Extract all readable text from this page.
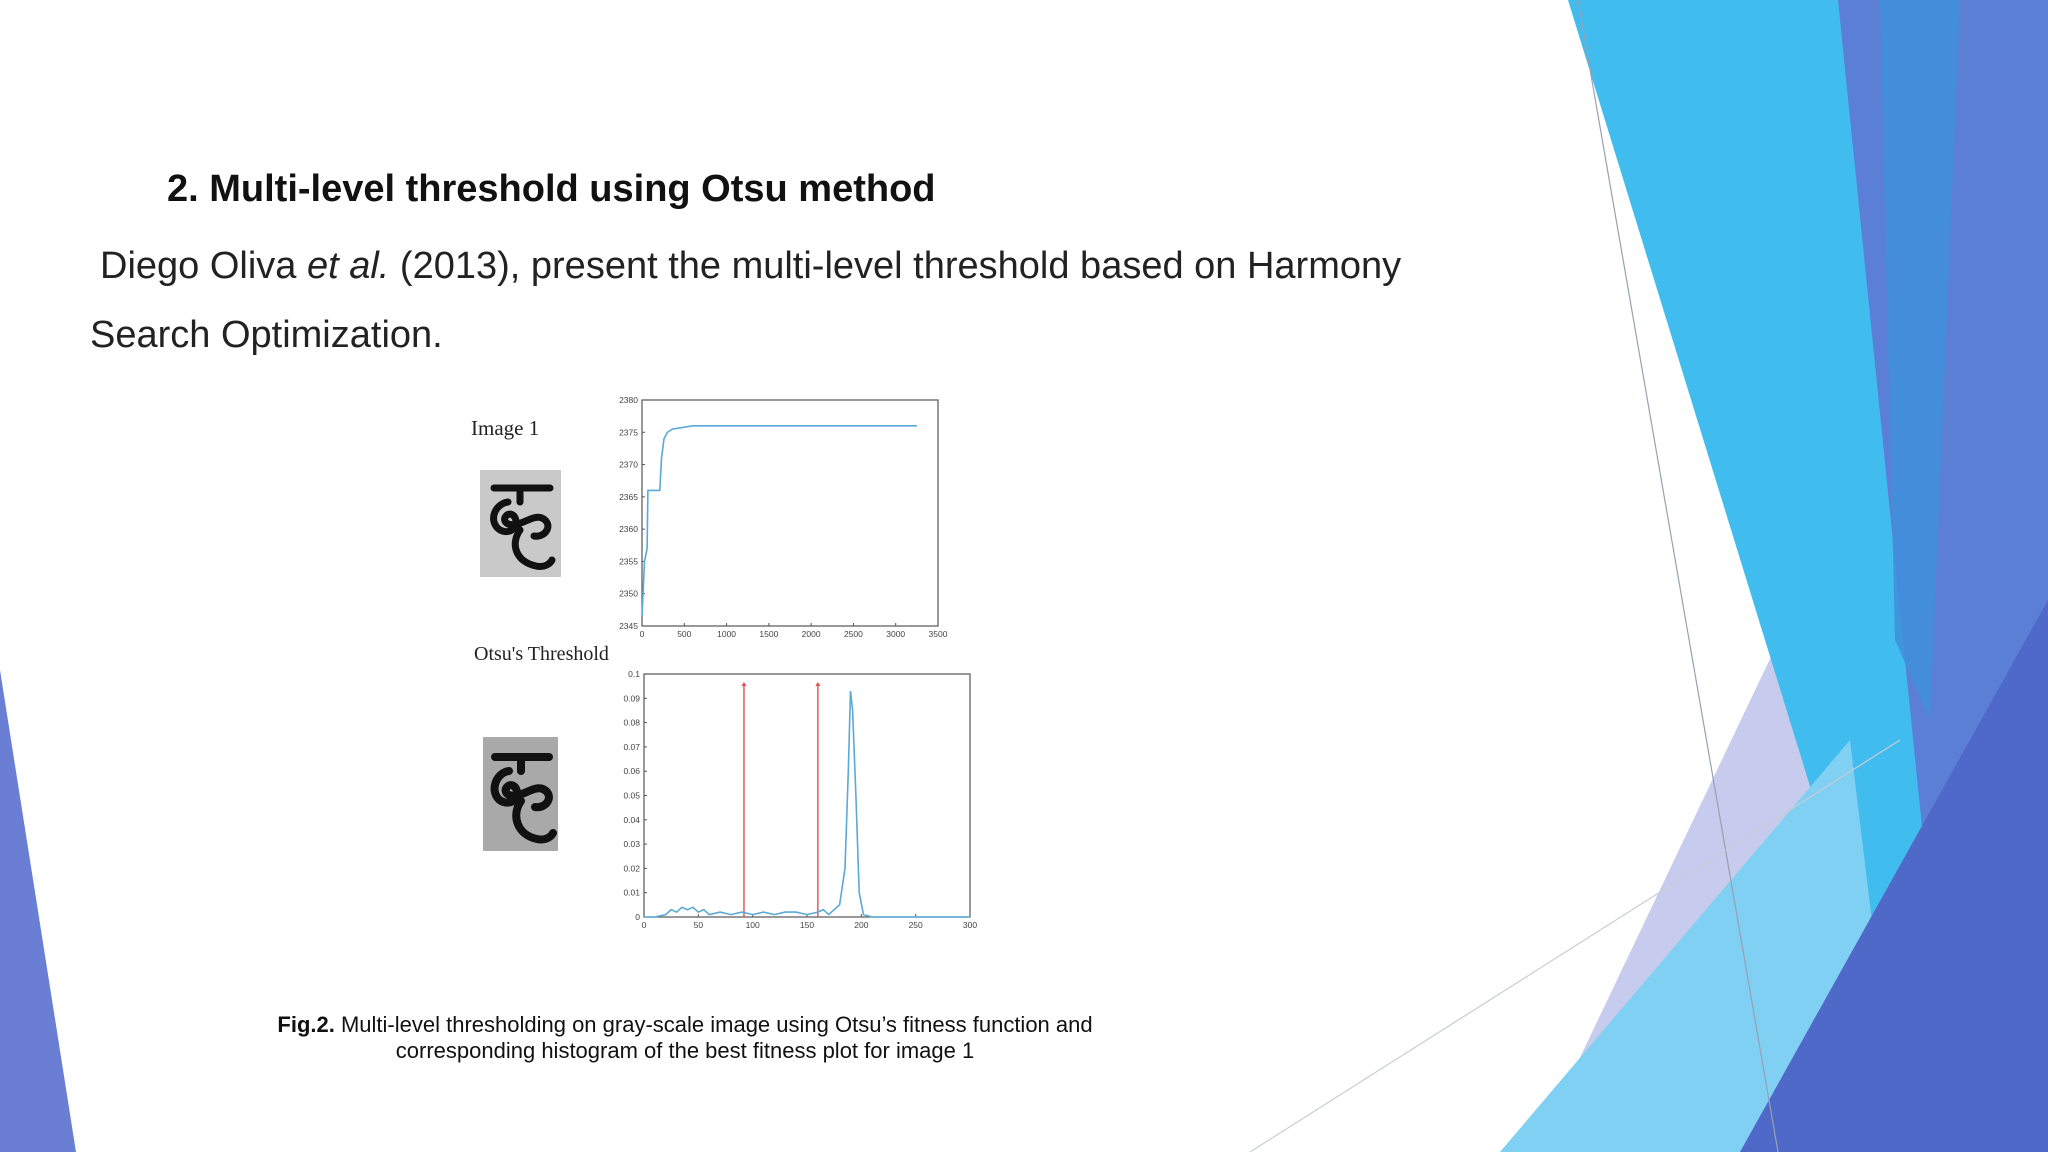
2. Multi-level threshold using Otsu method
Diego Oliva et al. (2013), present the multi-level threshold based on Harmony
Search Optimization.
Image 1
Otsu's Threshold
0	500	1000	1500	2000	2500	3000	3500
2345
2350
2355
2360
2365
2370
2375
2380
0	50	100	150	200	250	300
0
0.01
0.02
0.03
0.04
0.05
0.06
0.07
0.08
0.09
0.1
Fig.2. Multi-level thresholding on gray-scale image using Otsu’s fitness function and
corresponding histogram of the best fitness plot for image 1
